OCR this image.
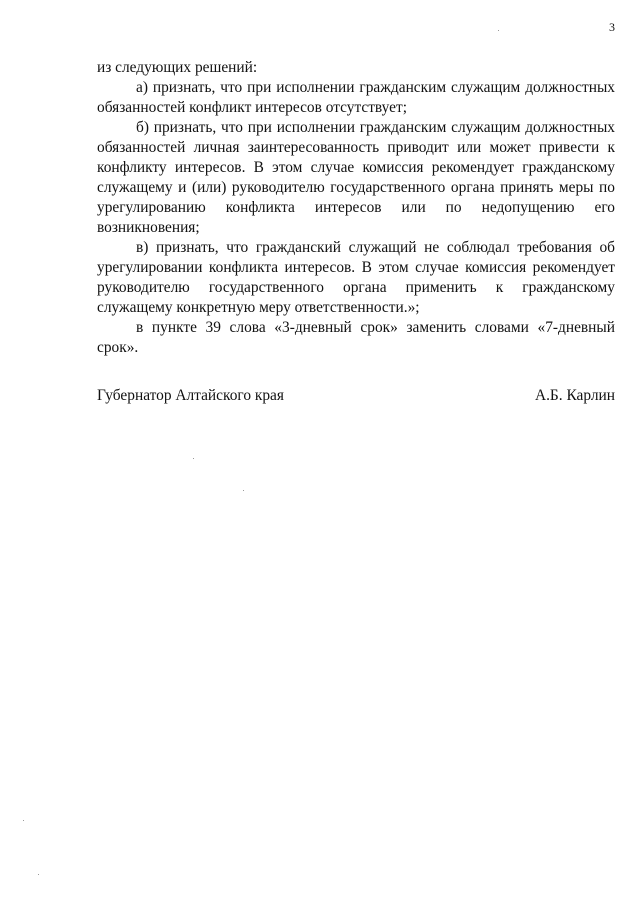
3

из следующих решений:

а) признать, что при исполнении гражданским служащим должностных обязанностей конфликт интересов отсутствует;

б) признать, что при исполнении гражданским служащим должностных обязанностей личная заинтересованность приводит или может привести к конфликту интересов. В этом случае комиссия рекомендует гражданскому служащему и (или) руководителю государственного органа принять меры по урегулированию конфликта интересов или по недопущению его возникновения;

в) признать, что гражданский служащий не соблюдал требования об урегулировании конфликта интересов. В этом случае комиссия рекомендует руководителю государственного органа применить к гражданскому служащему конкретную меру ответственности.»;

в пункте 39 слова «3-дневный срок» заменить словами «7-дневный срок».

Губернатор Алтайского края	А.Б. Карлин
